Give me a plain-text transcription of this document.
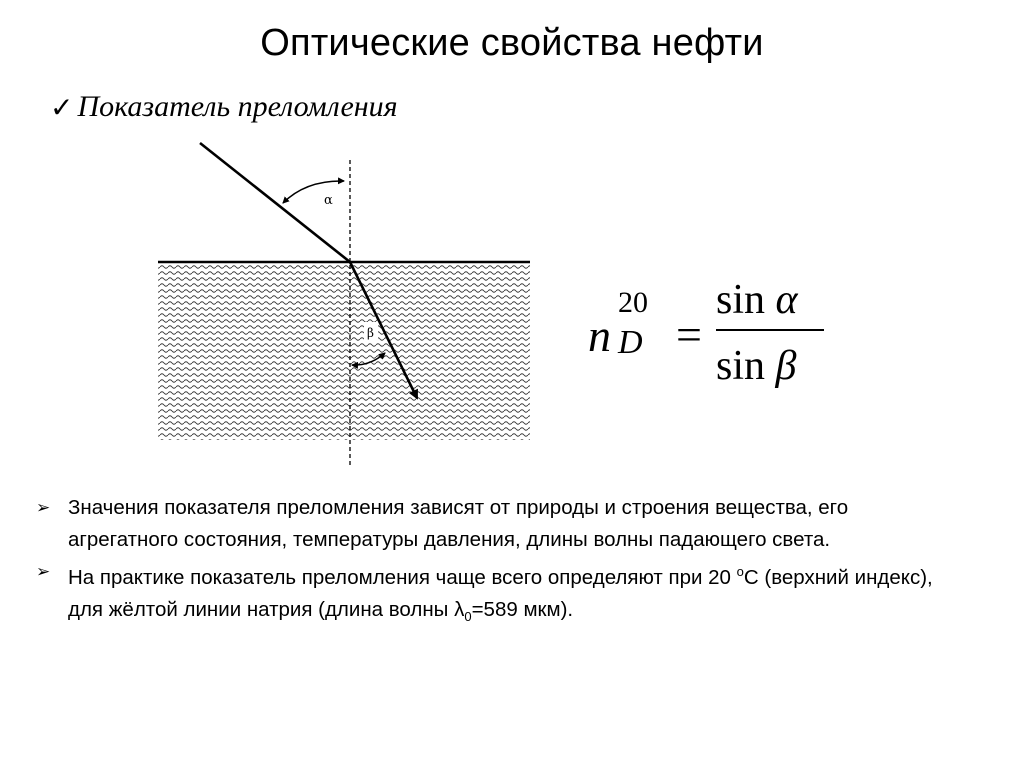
Оптические свойства нефти
✓ Показатель преломления
α
β	n
20
D =
sin α
sin β
➢ Значения показателя преломления зависят от природы и строения вещества, его агрегатного состояния, температуры давления, длины волны падающего света.
➢ На практике показатель преломления чаще всего определяют при 20 $^о$С (верхний индекс), для жёлтой линии натрия (длина волны $\lambda_0=589$ мкм).
